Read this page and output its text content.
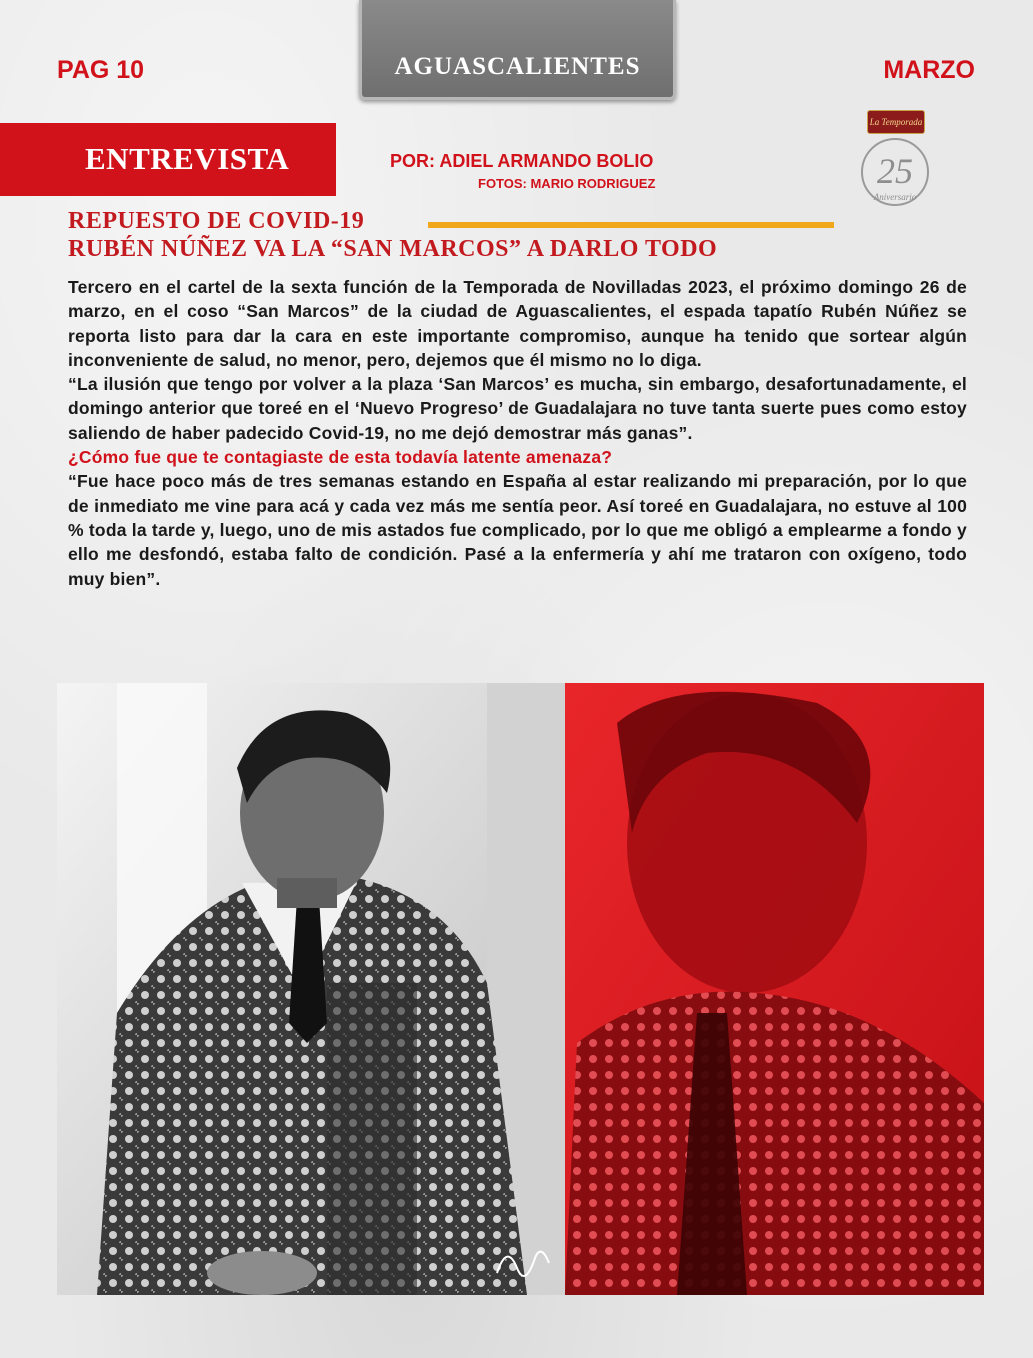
AGUASCALIENTES
PAG 10	MARZO
ENTREVISTA	POR: ADIEL ARMANDO BOLIO
FOTOS: MARIO RODRIGUEZ
La Temporada
25
Aniversario
REPUESTO DE COVID-19
RUBÉN NÚÑEZ VA LA “SAN MARCOS” A DARLO TODO

Tercero en el cartel de la sexta función de la Temporada de Novilladas 2023, el próximo domingo 26 de marzo, en el coso “San Marcos” de la ciudad de Aguascalientes, el espada tapatío Rubén Núñez se reporta listo para dar la cara en este importante compromiso, aunque ha tenido que sortear algún inconveniente de salud, no menor, pero, dejemos que él mismo no lo diga.

“La ilusión que tengo por volver a la plaza ‘San Marcos’ es mucha, sin embargo, desafortunadamente, el domingo anterior que toreé en el ‘Nuevo Progreso’ de Guadalajara no tuve tanta suerte pues como estoy saliendo de haber padecido Covid-19, no me dejó demostrar más ganas”.

¿Cómo fue que te contagiaste de esta todavía latente amenaza?

“Fue hace poco más de tres semanas estando en España al estar realizando mi preparación, por lo que de inmediato me vine para acá y cada vez más me sentía peor. Así toreé en Guadalajara, no estuve al 100 % toda la tarde y, luego, uno de mis astados fue complicado, por lo que me obligó a emplearme a fondo y ello me desfondó, estaba falto de condición. Pasé a la enfermería y ahí me trataron con oxígeno, todo muy bien”.
